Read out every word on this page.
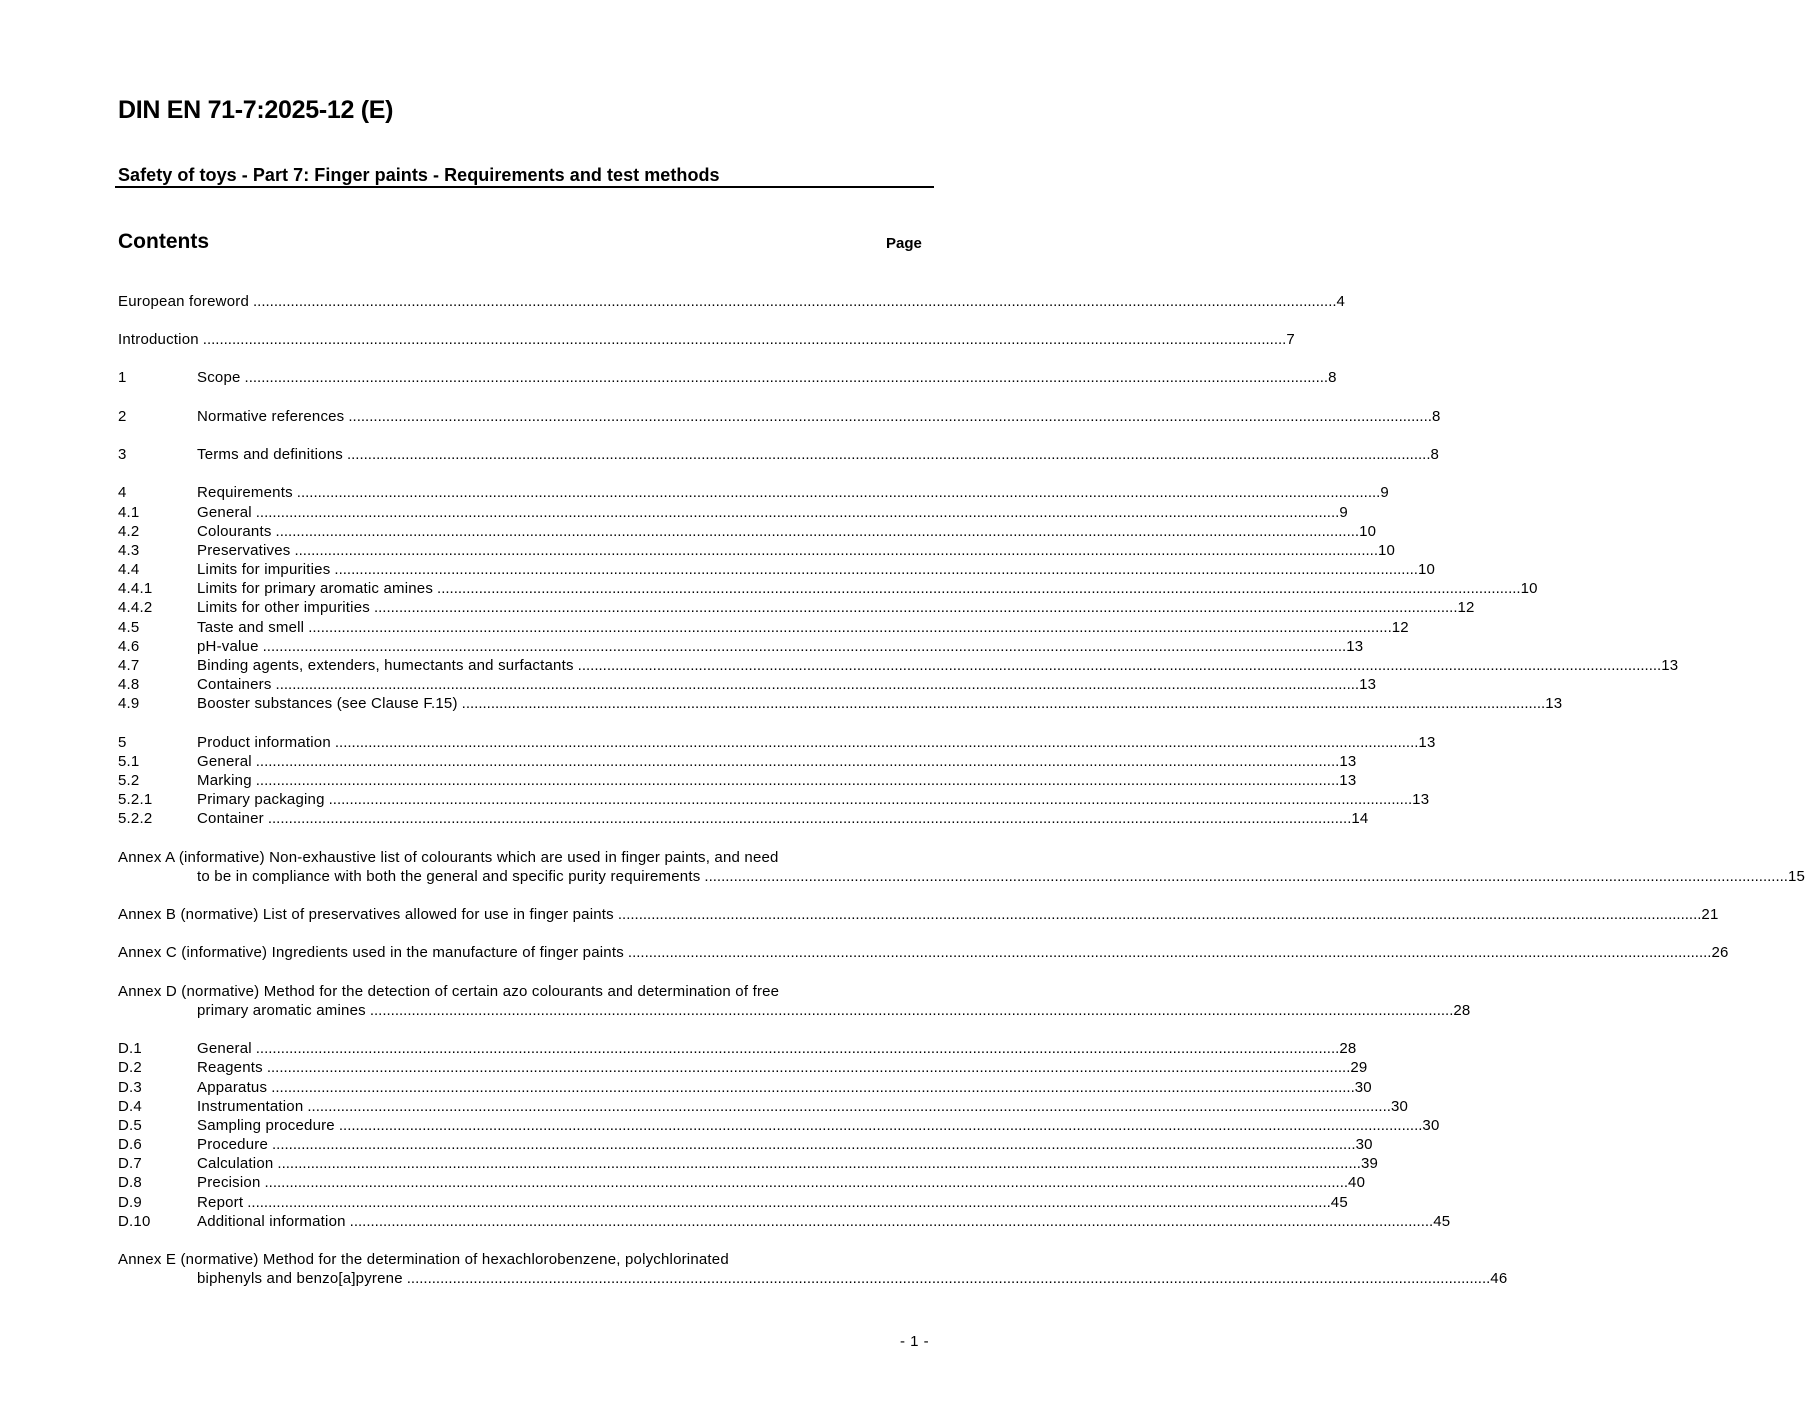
DIN EN 71-7:2025-12 (E)
Safety of toys - Part 7: Finger paints - Requirements and test methods
Contents	Page
European foreword .................................................................................................................................................................................................................................................................... 4
Introduction .................................................................................................................................................................................................................................................................... 7
1	Scope .................................................................................................................................................................................................................................................................... 8
2	Normative references .................................................................................................................................................................................................................................................................... 8
3	Terms and definitions .................................................................................................................................................................................................................................................................... 8
4	Requirements .................................................................................................................................................................................................................................................................... 9
4.1	General .................................................................................................................................................................................................................................................................... 9
4.2	Colourants .................................................................................................................................................................................................................................................................... 10
4.3	Preservatives .................................................................................................................................................................................................................................................................... 10
4.4	Limits for impurities .................................................................................................................................................................................................................................................................... 10
4.4.1	Limits for primary aromatic amines .................................................................................................................................................................................................................................................................... 10
4.4.2	Limits for other impurities .................................................................................................................................................................................................................................................................... 12
4.5	Taste and smell .................................................................................................................................................................................................................................................................... 12
4.6	pH-value .................................................................................................................................................................................................................................................................... 13
4.7	Binding agents, extenders, humectants and surfactants .................................................................................................................................................................................................................................................................... 13
4.8	Containers .................................................................................................................................................................................................................................................................... 13
4.9	Booster substances (see Clause F.15) .................................................................................................................................................................................................................................................................... 13
5	Product information .................................................................................................................................................................................................................................................................... 13
5.1	General .................................................................................................................................................................................................................................................................... 13
5.2	Marking .................................................................................................................................................................................................................................................................... 13
5.2.1	Primary packaging .................................................................................................................................................................................................................................................................... 13
5.2.2	Container .................................................................................................................................................................................................................................................................... 14
Annex A (informative) Non-exhaustive list of colourants which are used in finger paints, and need
to be in compliance with both the general and specific purity requirements .................................................................................................................................................................................................................................................................... 15
Annex B (normative) List of preservatives allowed for use in finger paints .................................................................................................................................................................................................................................................................... 21
Annex C (informative) Ingredients used in the manufacture of finger paints .................................................................................................................................................................................................................................................................... 26
Annex D (normative) Method for the detection of certain azo colourants and determination of free
primary aromatic amines .................................................................................................................................................................................................................................................................... 28
D.1	General .................................................................................................................................................................................................................................................................... 28
D.2	Reagents .................................................................................................................................................................................................................................................................... 29
D.3	Apparatus .................................................................................................................................................................................................................................................................... 30
D.4	Instrumentation .................................................................................................................................................................................................................................................................... 30
D.5	Sampling procedure .................................................................................................................................................................................................................................................................... 30
D.6	Procedure .................................................................................................................................................................................................................................................................... 30
D.7	Calculation .................................................................................................................................................................................................................................................................... 39
D.8	Precision .................................................................................................................................................................................................................................................................... 40
D.9	Report .................................................................................................................................................................................................................................................................... 45
D.10	Additional information .................................................................................................................................................................................................................................................................... 45
Annex E (normative) Method for the determination of hexachlorobenzene, polychlorinated
biphenyls and benzo[a]pyrene .................................................................................................................................................................................................................................................................... 46
- 1 -
